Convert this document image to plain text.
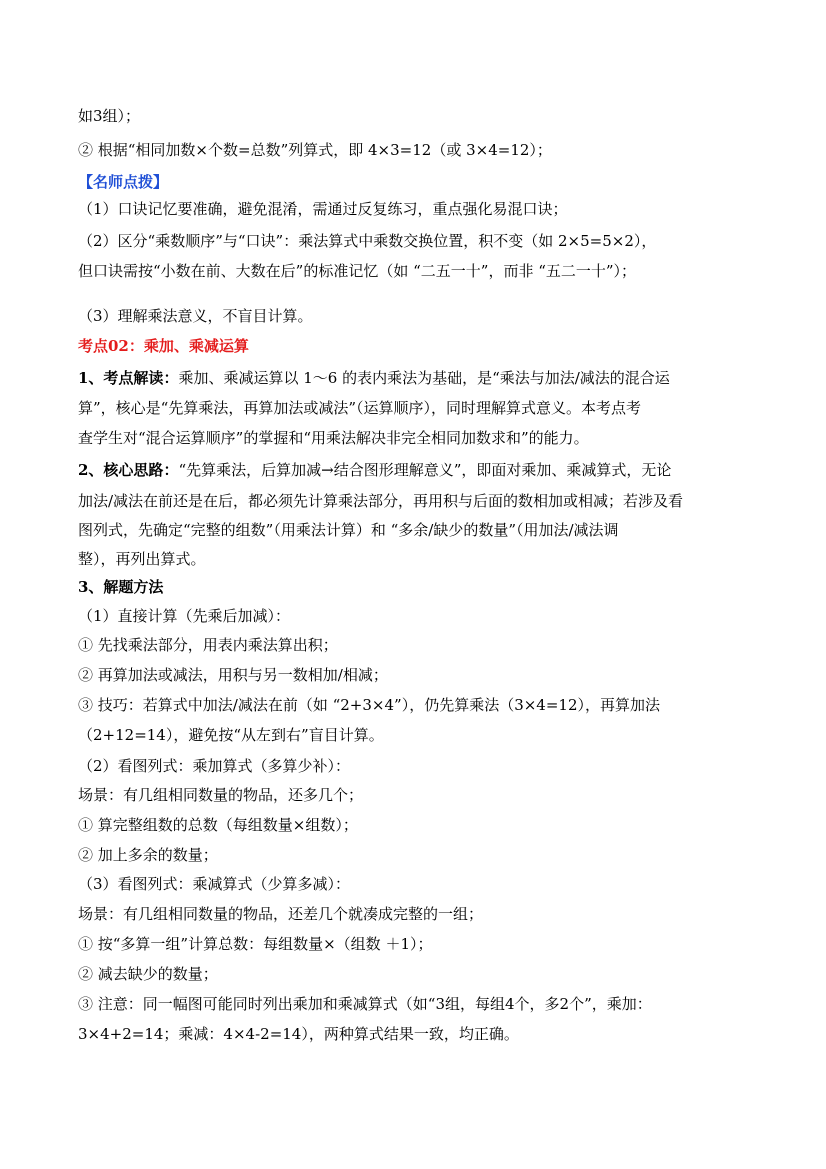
如3组）；
② 根据“相同加数×个数=总数”列算式，即 4×3=12（或 3×4=12）；
【名师点拨】
（1）口诀记忆要准确，避免混淆，需通过反复练习，重点强化易混口诀；
（2）区分“乘数顺序”与“口诀”：乘法算式中乘数交换位置，积不变（如 2×5=5×2），
但口诀需按“小数在前、大数在后”的标准记忆（如 “二五一十”，而非 “五二一十”）；
（3）理解乘法意义，不盲目计算。
考点02：乘加、乘减运算
1、考点解读：乘加、乘减运算以 1～6 的表内乘法为基础，是“乘法与加法/减法的混合运
算”，核心是“先算乘法，再算加法或减法”（运算顺序），同时理解算式意义。本考点考
查学生对“混合运算顺序”的掌握和“用乘法解决非完全相同加数求和”的能力。
2、核心思路：“先算乘法，后算加减→结合图形理解意义”，即面对乘加、乘减算式，无论
加法/减法在前还是在后，都必须先计算乘法部分，再用积与后面的数相加或相减；若涉及看
图列式，先确定“完整的组数”（用乘法计算）和 “多余/缺少的数量”（用加法/减法调
整），再列出算式。
3、解题方法
（1）直接计算（先乘后加减）：
① 先找乘法部分，用表内乘法算出积；
② 再算加法或减法，用积与另一数相加/相减；
③ 技巧：若算式中加法/减法在前（如 “2+3×4”），仍先算乘法（3×4=12），再算加法
（2+12=14），避免按“从左到右”盲目计算。
（2）看图列式：乘加算式（多算少补）：
场景：有几组相同数量的物品，还多几个；
① 算完整组数的总数（每组数量×组数）；
② 加上多余的数量；
（3）看图列式：乘减算式（少算多减）：
场景：有几组相同数量的物品，还差几个就凑成完整的一组；
① 按“多算一组”计算总数：每组数量×（组数 ＋1）；
② 减去缺少的数量；
③ 注意：同一幅图可能同时列出乘加和乘减算式（如“3组，每组4个，多2个”，乘加：
3×4+2=14；乘减：4×4-2=14），两种算式结果一致，均正确。
